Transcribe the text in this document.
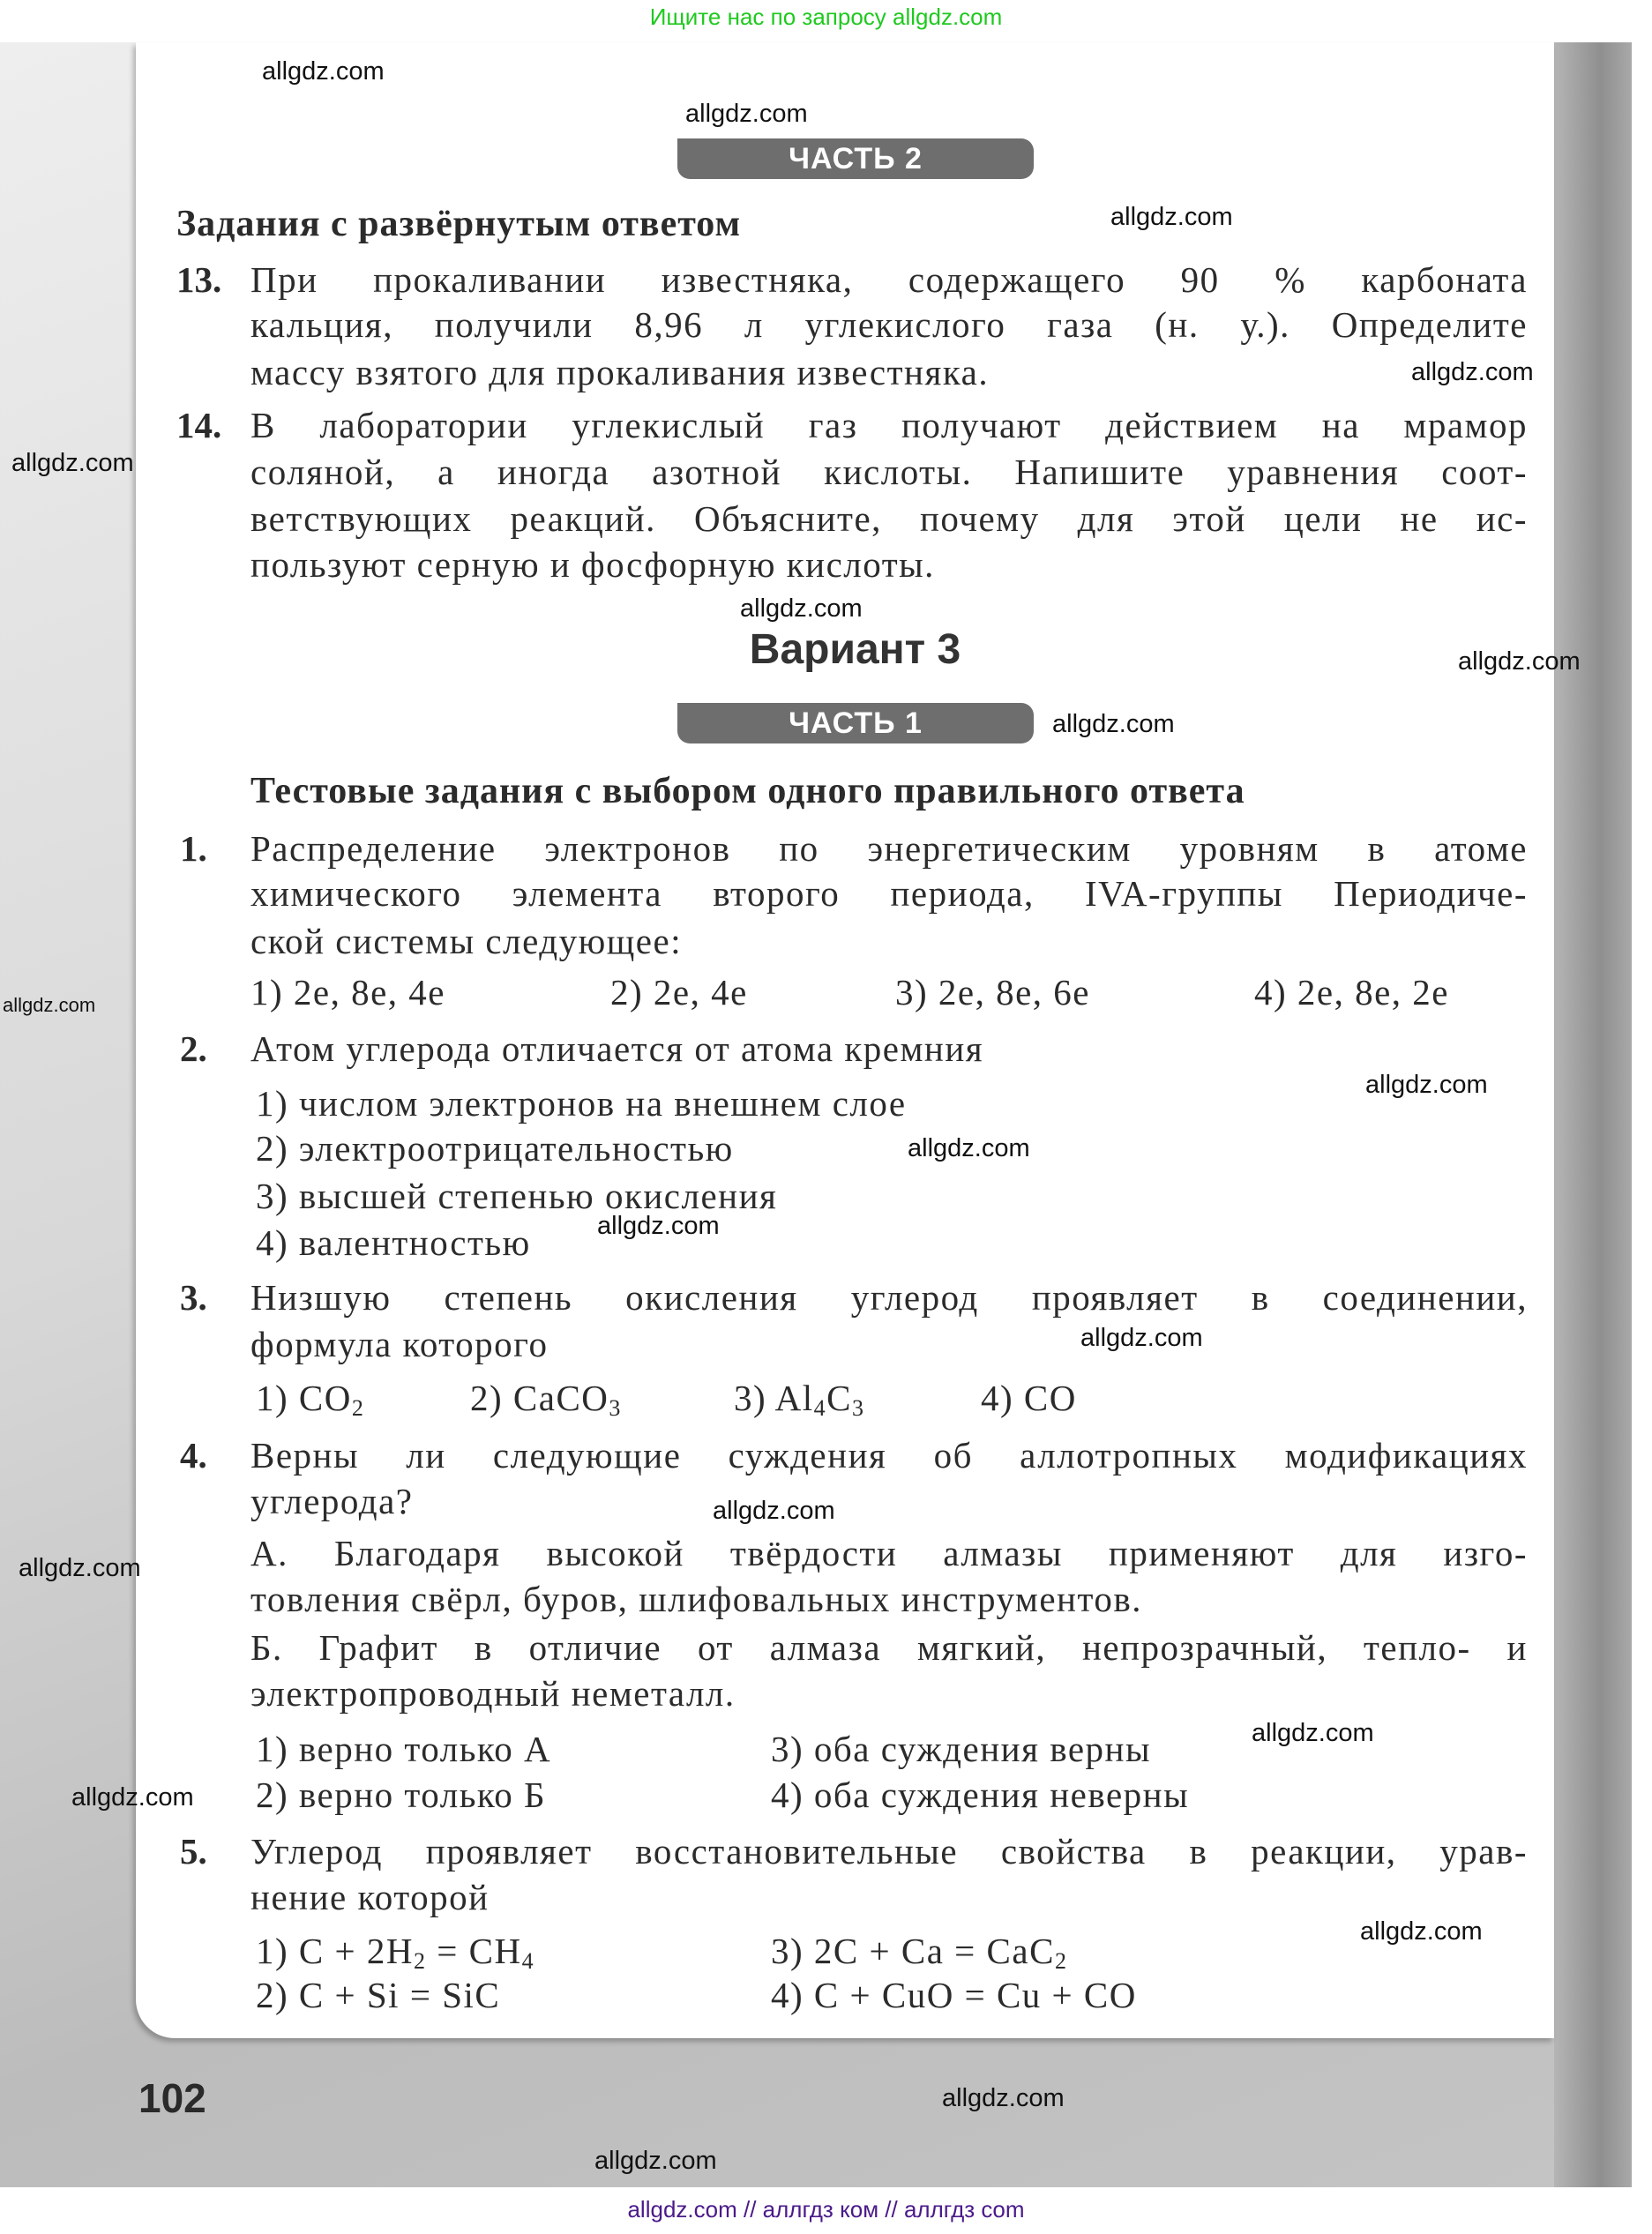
Ищите нас по запросу allgdz.com
ЧАСТЬ 2
Задания с развёрнутым ответом
13. При прокаливании известняка, содержащего 90 % карбоната
кальция, получили 8,96 л углекислого газа (н. у.). Определите
массу взятого для прокаливания известняка.
14. В лаборатории углекислый газ получают действием на мрамор
соляной, а иногда азотной кислоты. Напишите уравнения соот-
ветствующих реакций. Объясните, почему для этой цели не ис-
пользуют серную и фосфорную кислоты.
Вариант 3
ЧАСТЬ 1
Тестовые задания с выбором одного правильного ответа
1. Распределение электронов по энергетическим уровням в атоме
химического элемента второго периода, IVA-группы Периодиче-
ской системы следующее:
1) 2e, 8e, 4e	2) 2e, 4e	3) 2e, 8e, 6e	4) 2e, 8e, 2e
2. Атом углерода отличается от атома кремния
1) числом электронов на внешнем слое
2) электроотрицательностью
3) высшей степенью окисления
4) валентностью
3. Низшую степень окисления углерод проявляет в соединении,
формула которого
1) $CO_2$	2) CaCO$_3$	3) $Al_4C_3$	4) CO
4. Верны ли следующие суждения об аллотропных модификациях
углерода?
А. Благодаря высокой твёрдости алмазы применяют для изго-
товления свёрл, буров, шлифовальных инструментов.
Б. Графит в отличие от алмаза мягкий, непрозрачный, тепло- и
электропроводный неметалл.
1) верно только А
2) верно только Б
3) оба суждения верны
4) оба суждения неверны
5. Углерод проявляет восстановительные свойства в реакции, урав-
нение которой
1) $C + 2H_2 = CH_4$
2) C + Si = SiC
3) 2C + Ca = CaC$_2$
4) C + CuO = Cu + CO
102
allgdz.com
allgdz.com
allgdz.com
allgdz.com
allgdz.com
allgdz.com
allgdz.com
allgdz.com
allgdz.com
allgdz.com
allgdz.com
allgdz.com
allgdz.com
allgdz.com
allgdz.com
allgdz.com
allgdz.com
allgdz.com
allgdz.com
allgdz.com
allgdz.com // аллгдз ком // аллгдз com
